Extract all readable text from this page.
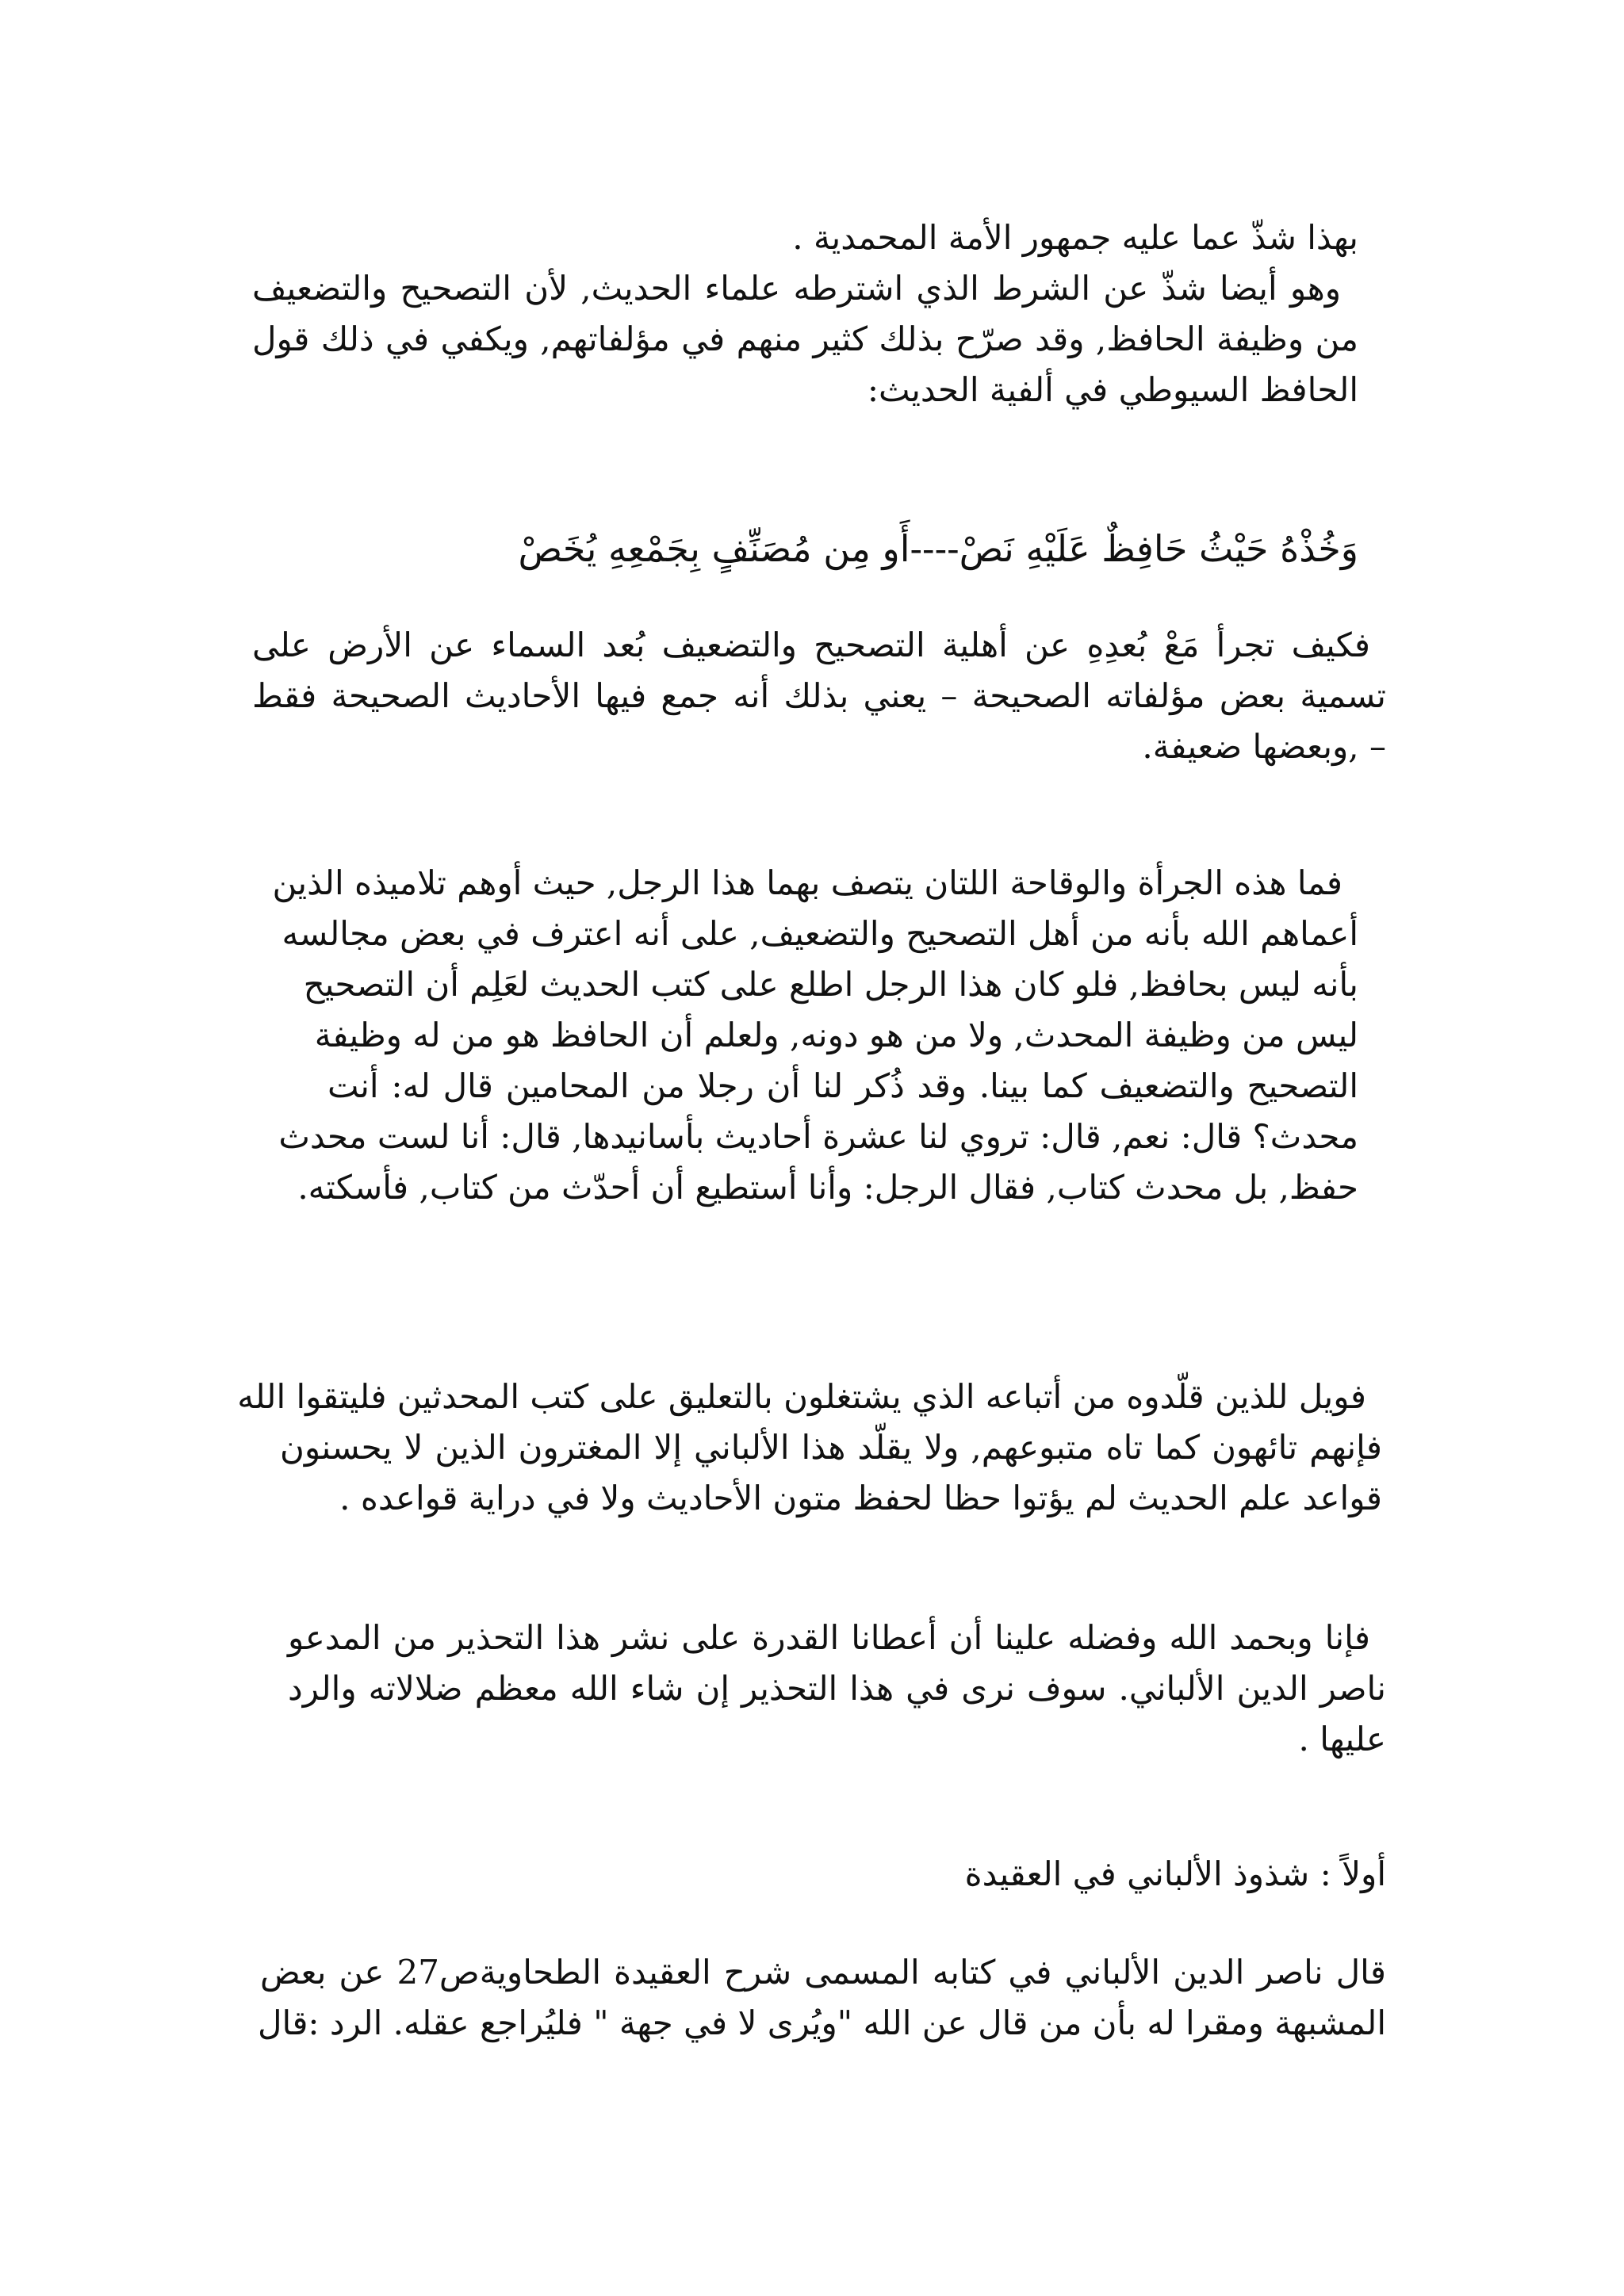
بهذا شذّ عما عليه جمهور الأمة المحمدية .
وهو أيضا شذّ عن الشرط الذي اشترطه علماء الحديث, لأن التصحيح والتضعيف
من وظيفة الحافظ, وقد صرّح بذلك كثير منهم في مؤلفاتهم, ويكفي في ذلك قول
الحافظ السيوطي في ألفية الحديث:
وَخُذْهُ حَيْثُ حَافِظٌ عَلَيْهِ نَصْ----أَو مِن مُصَنِّفٍ بِجَمْعِهِ يُخَصْ
فكيف تجرأ مَعْ بُعدِهِ عن أهلية التصحيح والتضعيف بُعد السماء عن الأرض على
تسمية بعض مؤلفاته الصحيحة – يعني بذلك أنه جمع فيها الأحاديث الصحيحة فقط
– ,وبعضها ضعيفة.
فما هذه الجرأة والوقاحة اللتان يتصف بهما هذا الرجل, حيث أوهم تلاميذه الذين
أعماهم الله بأنه من أهل التصحيح والتضعيف, على أنه اعترف في بعض مجالسه
بأنه ليس بحافظ, فلو كان هذا الرجل اطلع على كتب الحديث لعَلِم أن التصحيح
ليس من وظيفة المحدث, ولا من هو دونه, ولعلم أن الحافظ هو من له وظيفة
التصحيح والتضعيف كما بينا. وقد ذُكر لنا أن رجلا من المحامين قال له: أنت
محدث؟ قال: نعم, قال: تروي لنا عشرة أحاديث بأسانيدها, قال: أنا لست محدث
حفظ, بل محدث كتاب, فقال الرجل: وأنا أستطيع أن أحدّث من كتاب, فأسكته.
فويل للذين قلّدوه من أتباعه الذي يشتغلون بالتعليق على كتب المحدثين فليتقوا الله
فإنهم تائهون كما تاه متبوعهم, ولا يقلّد هذا الألباني إلا المغترون الذين لا يحسنون
قواعد علم الحديث لم يؤتوا حظا لحفظ متون الأحاديث ولا في دراية قواعده .
فإنا وبحمد الله وفضله علينا أن أعطانا القدرة على نشر هذا التحذير من المدعو
ناصر الدين الألباني. سوف نرى في هذا التحذير إن شاء الله معظم ضلالاته والرد
عليها .
أولاً : شذوذ الألباني في العقيدة
قال ناصر الدين الألباني في كتابه المسمى شرح العقيدة الطحاويةص27 عن بعض
المشبهة ومقرا له بأن من قال عن الله "ويُرى لا في جهة " فليُراجع عقله. الرد :قال
